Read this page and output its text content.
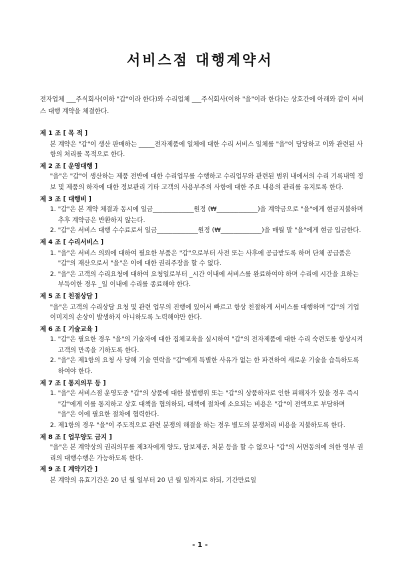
서비스점 대행계약서
전자업체 ___주식회사(이하 "갑"이라 한다)와 수리업체 ___주식회사(이하 "을"이라 한다)는 상호간에 아래와 같이 서비스 대행 계약을 체결한다.
제 1 조 [ 목 적 ]
본 계약은 "갑"이 생산 판매하는 _____전자제품에 일체에 대한 수리 서비스 일체를 "을"이 담당하고 이와 관련된 사항의 처리를 목적으로 한다.
제 2 조 [ 운영대행 ]
"을"은 "갑"이 생산하는 제품 전반에 대한 수리업무를 수행하고 수리업무와 관련된 범위 내에서의 수리 기록내역 정보 및 제품의 하자에 대한 정보관리 기타 고객의 사용부주의 사항에 대한 주요 내용의 관리를 유지토록 한다.
제 3 조 [ 대행비 ]
1. "갑"은 본 계약 체결과 동시에 일금_____________원정 (₩_____________)을 계약금으로 "을"에게 현금지불하며 추후 계약금은 반환하지 않는다.
2. "갑"은 서비스 대행 수수료로서 일금_____________원정 (₩_____________)을 매월 말 "을"에게 현금 입금한다.
제 4 조 [ 수리서비스 ]
1. "을"은 서비스 의뢰에 대하여 필요한 부품은 "갑"으로부터 사전 또는 사후에 공급받도록 하며 단체 공급품은 "갑"의 재산으로서 "을"은 이에 대한 권리주장을 할 수 없다.
2. "을"은 고객의 수리요청에 대하여 요청일로부터 _시간 이내에 서비스를 완료하여야 하며 수리에 시간을 요하는 부득이한 경우 _일 이내에 수리를 종료해야 한다.
제 5 조 [ 친절상담 ]
"을"은 고객의 수리상담 요청 및 관련 업무의 진행에 있어서 빠르고 항상 친절하게 서비스를 대행하며 "갑"의 기업이미지의 손상이 발생하지 아니하도록 노력해야만 한다.
제 6 조 [ 기술교육 ]
1. "갑"은 필요한 경우 "을"의 기술자에 대한 집체교육을 실시하여 "갑"의 전자제품에 대한 수리 숙련도를 항상시켜 고객의 만족을 기하도록 한다.
2. "을"은 제1항의 요청 사 당해 기술 연락을 "갑"에게 특별한 사유가 없는 한 파견하여 새로운 기술을 습득하도록 하여야 한다.
제 7 조 [ 통지의무 등 ]
1. "을"은 서비스점 운영도중 "갑"의 상품에 대한 불법행위 또는 "갑"의 상품하자로 인한 피해자가 있을 경우 즉시 "갑"에게 이를 통지하고 상호 대책을 협의하되, 대책에 절차에 소요되는 비용은 "갑"이 전액으로 부담하며 "을"은 이에 필요한 절차에 협력한다.
2. 제1항의 경우 "을"이 주도적으로 관련 분쟁의 해결을 하는 경우 별도의 분쟁처리 비용을 지불하도록 한다.
제 8 조 [ 업무양도 금지 ]
"을"은 본 계약상의 권리의무를 제3자에게 양도, 담보제공, 처분 등을 할 수 없으나 "갑"의 서면동의에 의한 영부 권리의 대행수행은 가능하도록 한다.
제 9 조 [ 계약기간 ]
본 계약의 유효기간은 20 년 월 일부터 20 년 월 일까지로 하되, 기간만료일
- 1 -
